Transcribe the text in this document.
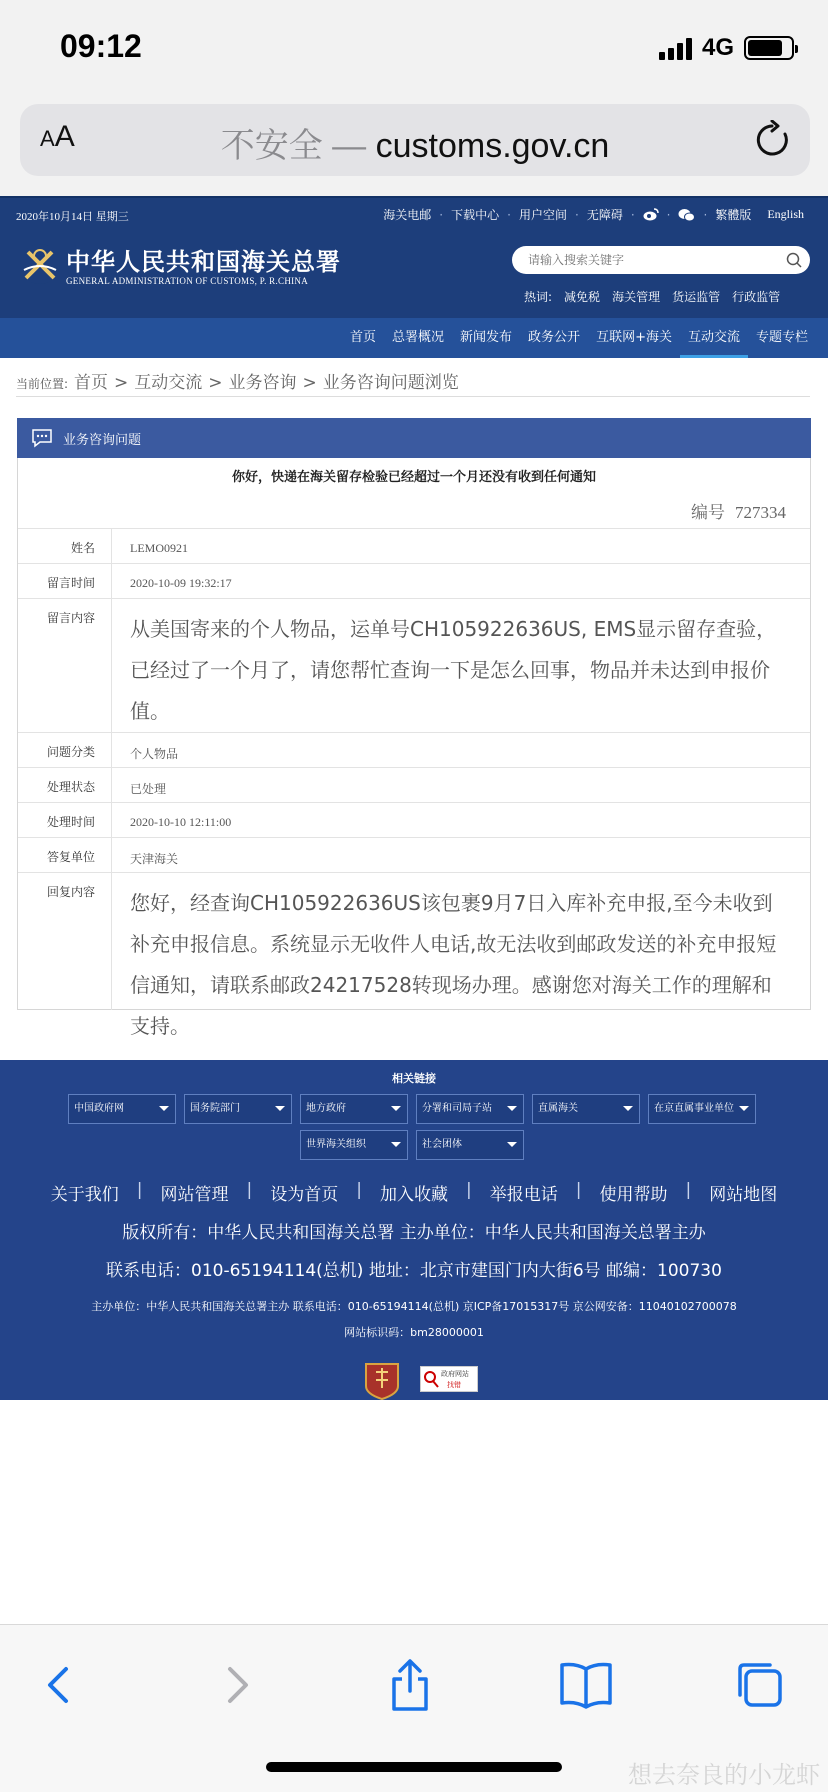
09:12	4G
AA	不安全 — customs.gov.cn
2020年10月14日 星期三	海关电邮 · 下载中心 · 用户空间 · 无障碍 ·	·	· 繁體版 English
中华人民共和国海关总署
GENERAL ADMINISTRATION OF CUSTOMS, P. R.CHINA
请输入搜索关键字
热词: 减免税 海关管理 货运监管 行政监管
首页	总署概况	新闻发布	政务公开	互联网+海关	互动交流	专题专栏
当前位置: 首页 > 互动交流 > 业务咨询 > 业务咨询问题浏览
业务咨询问题
你好，快递在海关留存检验已经超过一个月还没有收到任何通知
编号 727334
姓名	LEMO0921
留言时间	2020-10-09 19:32:17
留言内容	从美国寄来的个人物品，运单号CH105922636US, EMS显示留存查验，已经过了一个月了，请您帮忙查询一下是怎么回事，物品并未达到申报价值。
问题分类	个人物品
处理状态	已处理
处理时间	2020-10-10 12:11:00
答复单位	天津海关
回复内容	您好，经查询CH105922636US该包裹9月7日入库补充申报,至今未收到补充申报信息。系统显示无收件人电话,故无法收到邮政发送的补充申报短信通知，请联系邮政24217528转现场办理。感谢您对海关工作的理解和支持。
相关链接
中国政府网	国务院部门	地方政府	分署和司局子站	直属海关	在京直属事业单位
世界海关组织	社会团体
关于我们 | 网站管理 | 设为首页 | 加入收藏 | 举报电话 | 使用帮助 | 网站地图
版权所有：中华人民共和国海关总署 主办单位：中华人民共和国海关总署主办
联系电话：010-65194114(总机) 地址：北京市建国门内大街6号 邮编：100730
主办单位：中华人民共和国海关总署主办 联系电话：010-65194114(总机) 京ICP备17015317号 京公网安备：11040102700078
网站标识码：bm28000001
政府网站
找错
想去奈良的小龙虾
